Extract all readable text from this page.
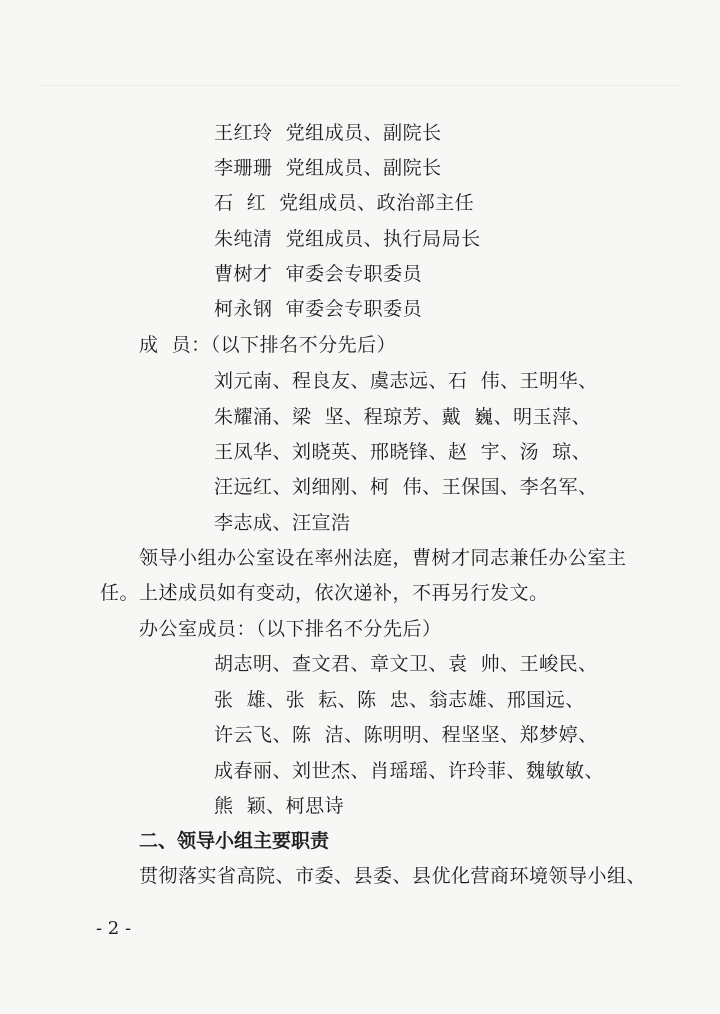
王红玲  党组成员、副院长
李珊珊  党组成员、副院长
石  红  党组成员、政治部主任
朱纯清  党组成员、执行局局长
曹树才  审委会专职委员
柯永钢  审委会专职委员
成  员：（以下排名不分先后）
刘元南、程良友、虞志远、石  伟、王明华、
朱耀涌、梁  坚、程琼芳、戴  巍、明玉萍、
王凤华、刘晓英、邢晓锋、赵  宇、汤  琼、
汪远红、刘细刚、柯  伟、王保国、李名军、
李志成、汪宣浩
领导小组办公室设在率州法庭，曹树才同志兼任办公室主
任。上述成员如有变动，依次递补，不再另行发文。
办公室成员：（以下排名不分先后）
胡志明、查文君、章文卫、袁  帅、王峻民、
张  雄、张  耘、陈  忠、翁志雄、邢国远、
许云飞、陈  洁、陈明明、程坚坚、郑梦婷、
成春丽、刘世杰、肖瑶瑶、许玲菲、魏敏敏、
熊  颖、柯思诗
二、领导小组主要职责
贯彻落实省高院、市委、县委、县优化营商环境领导小组、
- 2 -
